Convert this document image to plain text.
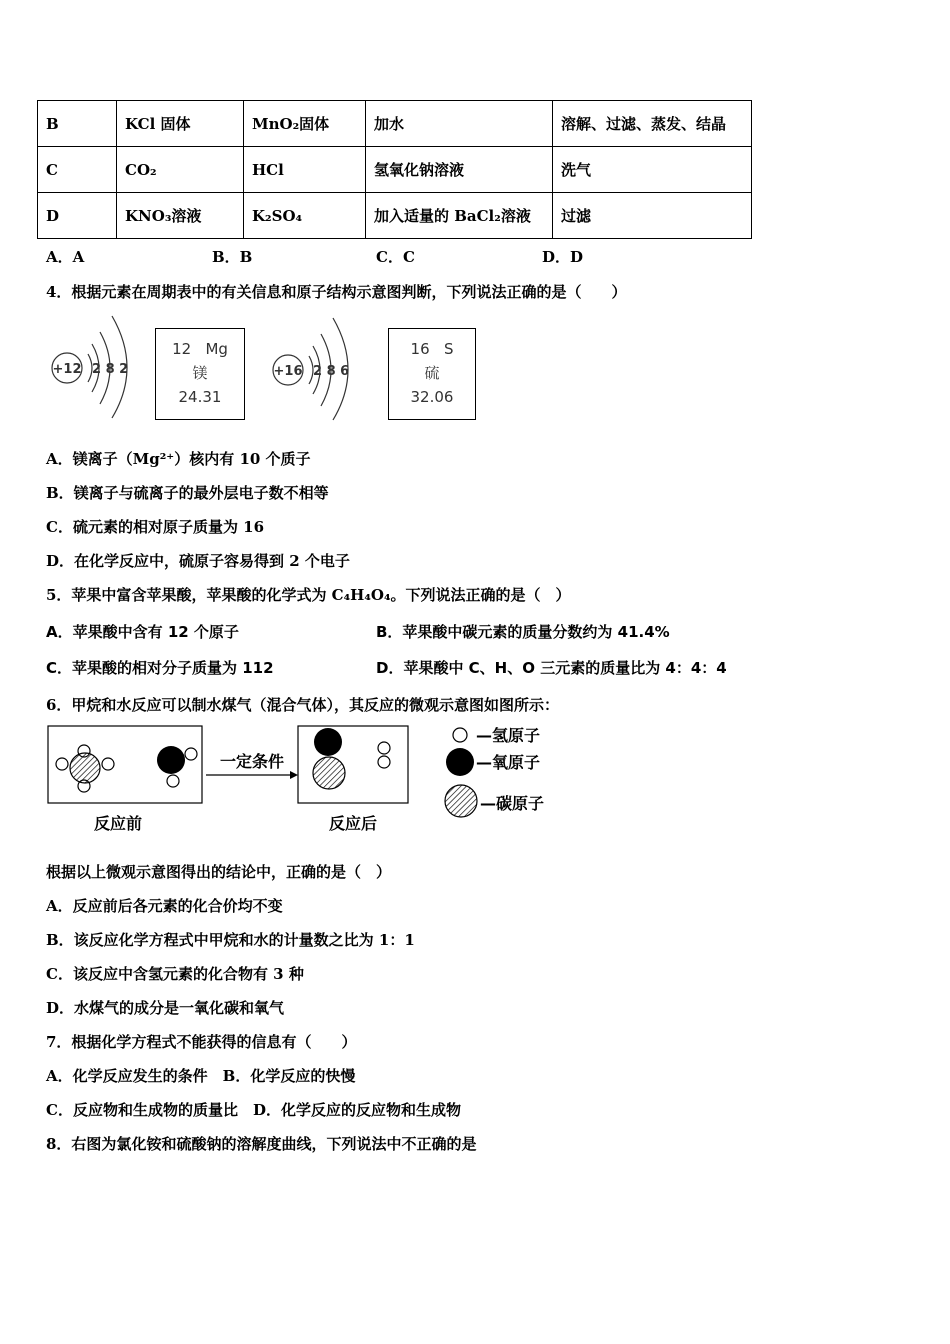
B	KCl 固体	MnO₂固体	加水	溶解、过滤、蒸发、结晶
C	CO₂	HCl	氢氧化钠溶液	洗气
D	KNO₃溶液	K₂SO₄	加入适量的 BaCl₂溶液	过滤
A．A	B．B	C．C	D．D
4．根据元素在周期表中的有关信息和原子结构示意图判断，下列说法正确的是（　　）
+12 2 8 2
12 Mg
镁
24.31
+16 2 8 6
16 S
硫
32.06
A．镁离子（Mg²⁺）核内有 10 个质子
B．镁离子与硫离子的最外层电子数不相等
C．硫元素的相对原子质量为 16
D．在化学反应中，硫原子容易得到 2 个电子
5．苹果中富含苹果酸，苹果酸的化学式为 C₄H₄O₄。下列说法正确的是（　）
A．苹果酸中含有 12 个原子	B．苹果酸中碳元素的质量分数约为 41.4%
C．苹果酸的相对分子质量为 112	D．苹果酸中 C、H、O 三元素的质量比为 4：4：4
6．甲烷和水反应可以制水煤气（混合气体），其反应的微观示意图如图所示：
一定条件
反应前	反应后
—氢原子
—氧原子
—碳原子
根据以上微观示意图得出的结论中，正确的是（　）
A．反应前后各元素的化合价均不变
B．该反应化学方程式中甲烷和水的计量数之比为 1：1
C．该反应中含氢元素的化合物有 3 种
D．水煤气的成分是一氧化碳和氧气
7．根据化学方程式不能获得的信息有（　　）
A．化学反应发生的条件　B．化学反应的快慢
C．反应物和生成物的质量比　D．化学反应的反应物和生成物
8．右图为氯化铵和硫酸钠的溶解度曲线，下列说法中不正确的是
